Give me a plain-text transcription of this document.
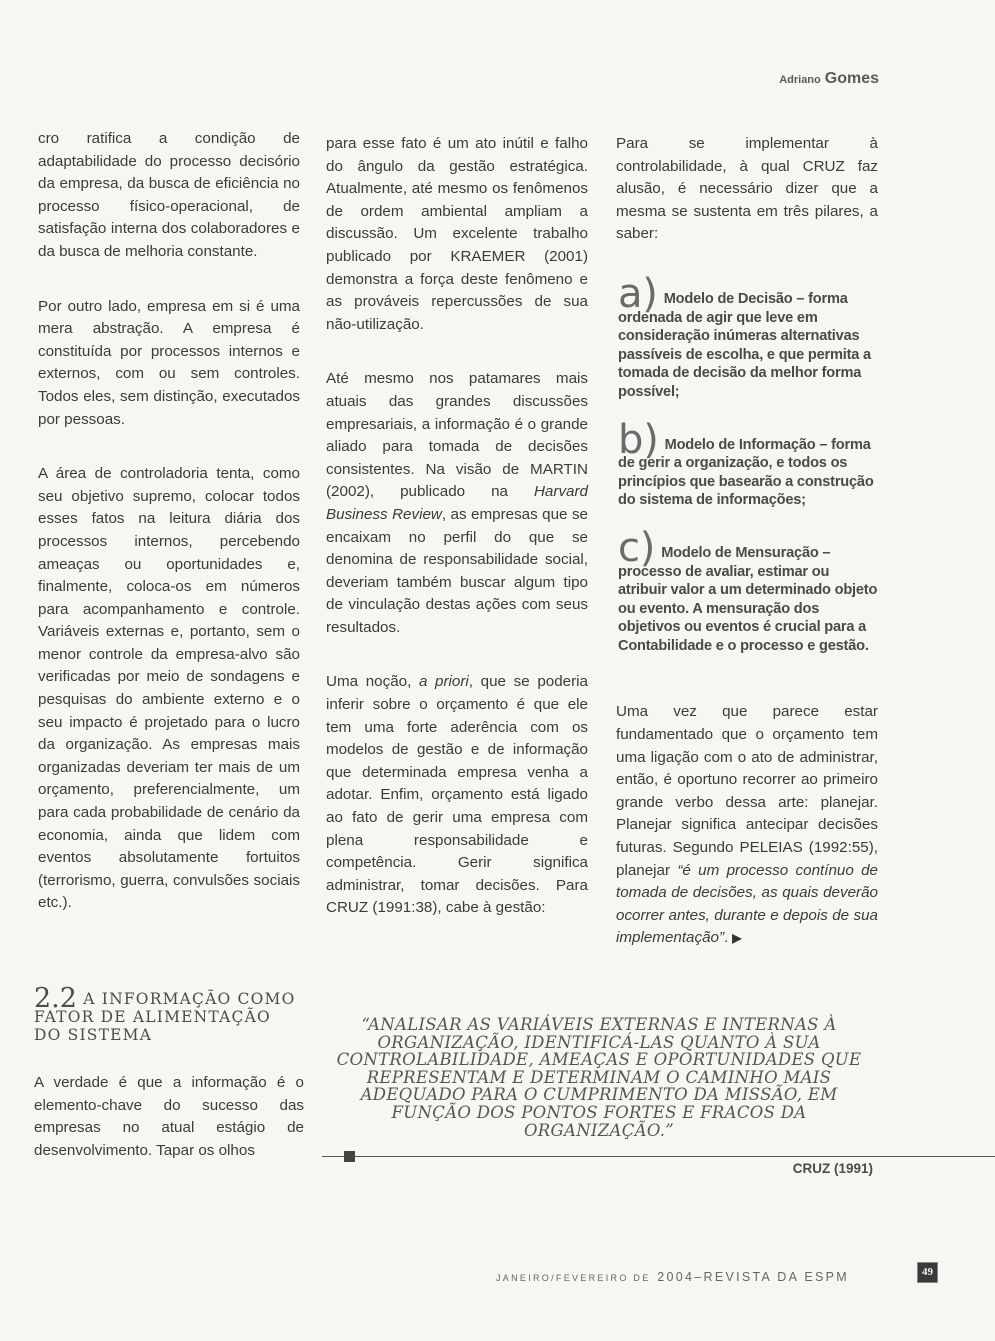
Adriano Gomes

cro ratifica a condição de adaptabilidade do processo decisório da empresa, da busca de eficiência no processo físico-operacional, de satisfação interna dos colaboradores e da busca de melhoria constante.

Por outro lado, empresa em si é uma mera abstração. A empresa é constituída por processos internos e externos, com ou sem controles. Todos eles, sem distinção, executados por pessoas.

A área de controladoria tenta, como seu objetivo supremo, colocar todos esses fatos na leitura diária dos processos internos, percebendo ameaças ou oportunidades e, finalmente, coloca-os em números para acompanhamento e controle. Variáveis externas e, portanto, sem o menor controle da empresa-alvo são verificadas por meio de sondagens e pesquisas do ambiente externo e o seu impacto é projetado para o lucro da organização. As empresas mais organizadas deveriam ter mais de um orçamento, preferencialmente, um para cada probabilidade de cenário da economia, ainda que lidem com eventos absolutamente fortuitos (terrorismo, guerra, convulsões sociais etc.).

para esse fato é um ato inútil e falho do ângulo da gestão estratégica. Atualmente, até mesmo os fenômenos de ordem ambiental ampliam a discussão. Um excelente trabalho publicado por KRAEMER (2001) demonstra a força deste fenômeno e as prováveis repercussões de sua não-utilização.

Até mesmo nos patamares mais atuais das grandes discussões empresariais, a informação é o grande aliado para tomada de decisões consistentes. Na visão de MARTIN (2002), publicado na Harvard Business Review, as empresas que se encaixam no perfil do que se denomina de responsabilidade social, deveriam também buscar algum tipo de vinculação destas ações com seus resultados.

Uma noção, a priori, que se poderia inferir sobre o orçamento é que ele tem uma forte aderência com os modelos de gestão e de informação que determinada empresa venha a adotar. Enfim, orçamento está ligado ao fato de gerir uma empresa com plena responsabilidade e competência. Gerir significa administrar, tomar decisões. Para CRUZ (1991:38), cabe à gestão:

Para se implementar à controlabilidade, à qual CRUZ faz alusão, é necessário dizer que a mesma se sustenta em três pilares, a saber:

a) Modelo de Decisão – forma ordenada de agir que leve em consideração inúmeras alternativas passíveis de escolha, e que permita a tomada de decisão da melhor forma possível;
b) Modelo de Informação – forma de gerir a organização, e todos os princípios que basearão a construção do sistema de informações;
c) Modelo de Mensuração – processo de avaliar, estimar ou atribuir valor a um determinado objeto ou evento. A mensuração dos objetivos ou eventos é crucial para a Contabilidade e o processo e gestão.

Uma vez que parece estar fundamentado que o orçamento tem uma ligação com o ato de administrar, então, é oportuno recorrer ao primeiro grande verbo dessa arte: planejar. Planejar significa antecipar decisões futuras. Segundo PELEIAS (1992:55), planejar “é um processo contínuo de tomada de decisões, as quais deverão ocorrer antes, durante e depois de sua implementação”. ▶

2.2 A INFORMAÇÃO COMO FATOR DE ALIMENTAÇÃO DO SISTEMA

A verdade é que a informação é o elemento-chave do sucesso das empresas no atual estágio de desenvolvimento. Tapar os olhos

“ANALISAR AS VARIÁVEIS EXTERNAS E INTERNAS À ORGANIZAÇÃO, IDENTIFICÁ-LAS QUANTO À SUA CONTROLABILIDADE, AMEAÇAS E OPORTUNIDADES QUE REPRESENTAM E DETERMINAM O CAMINHO MAIS ADEQUADO PARA O CUMPRIMENTO DA MISSÃO, EM FUNÇÃO DOS PONTOS FORTES E FRACOS DA ORGANIZAÇÃO.”
CRUZ (1991)
JANEIRO/FEVEREIRO DE 2004–REVISTA DA ESPM	49
